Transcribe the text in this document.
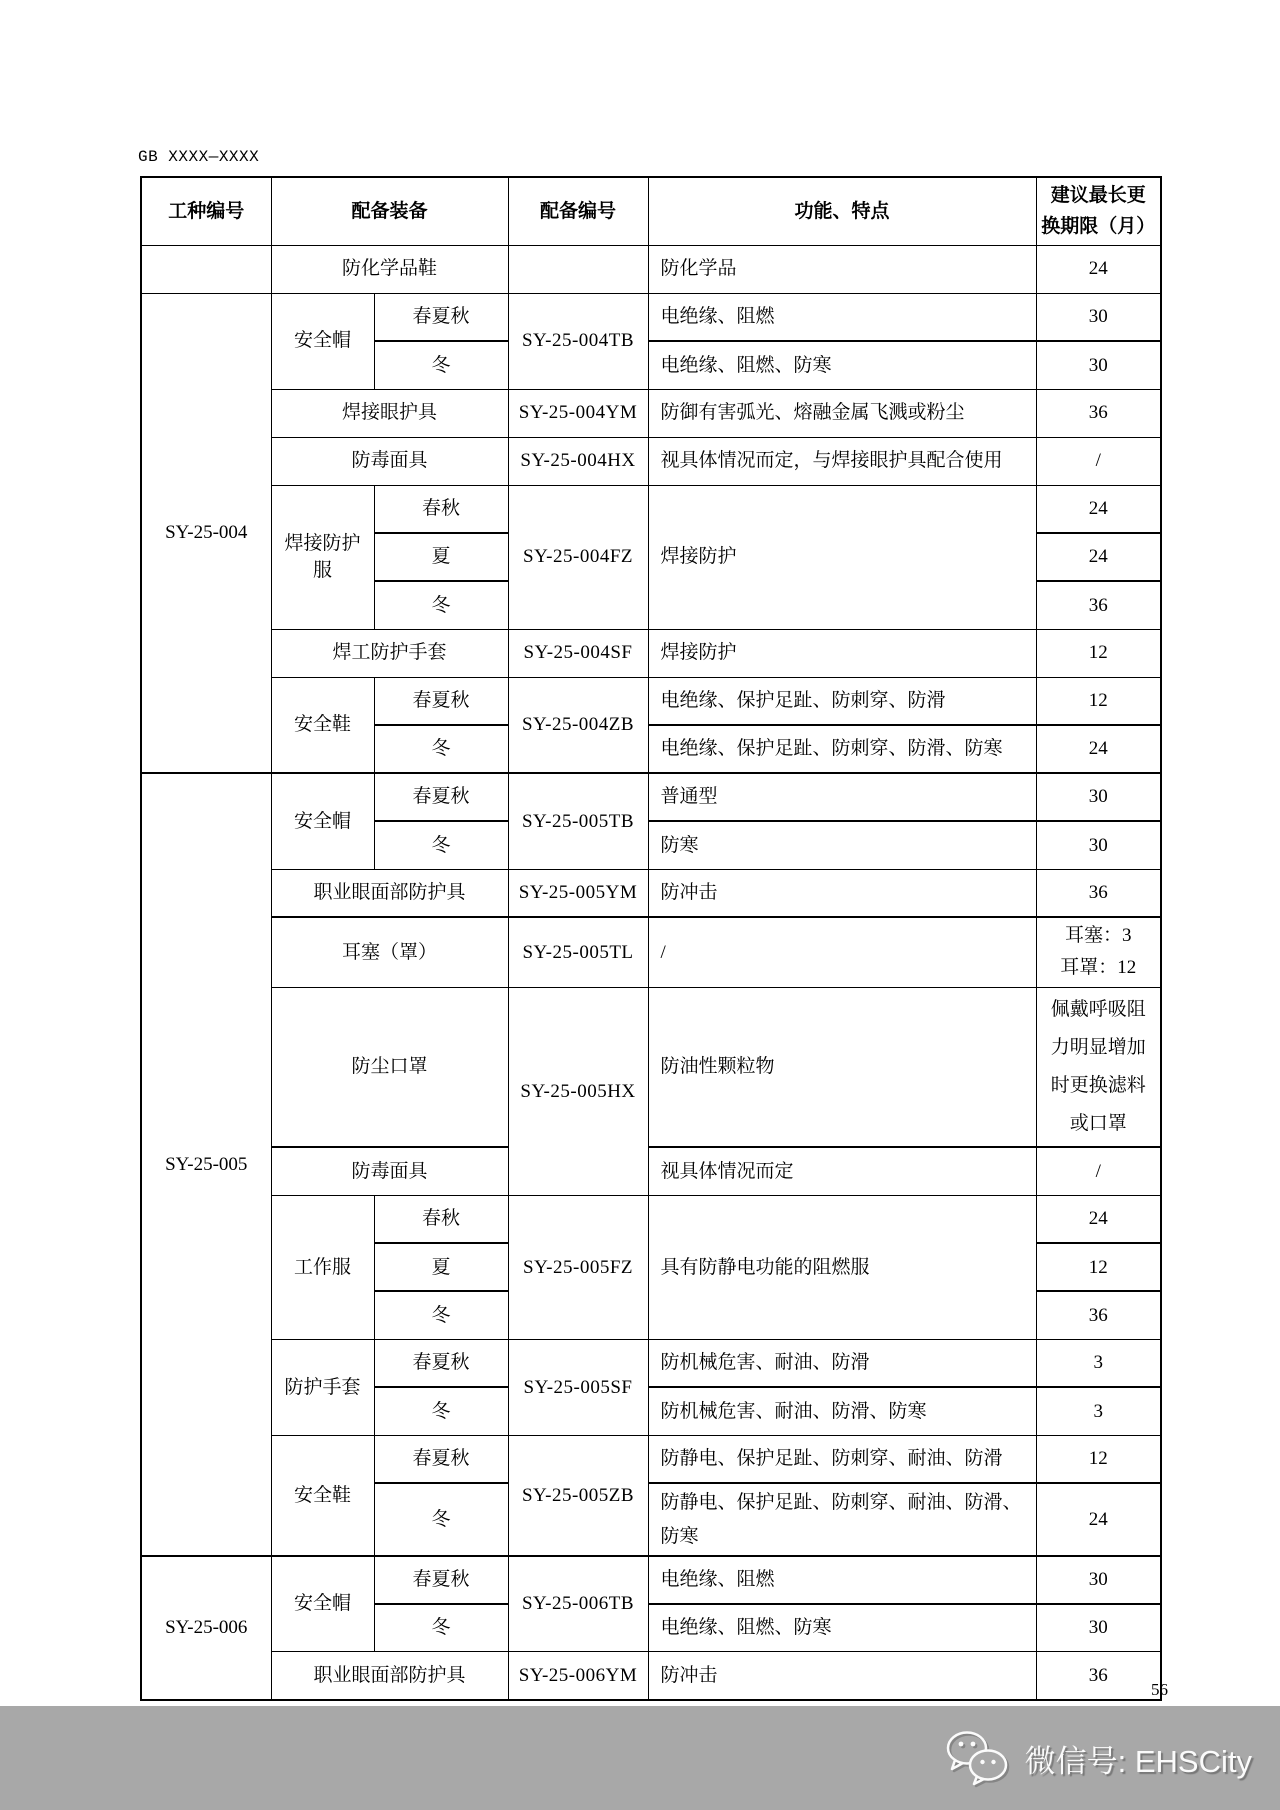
GB XXXX—XXXX
工种编号	配备装备		配备编号	功能、特点	建议最长更
换期限（月）

	防化学品鞋			防化学品	24
SY-25-004	安全帽	春夏秋	SY-25-004TB	电绝缘、阻燃	30
		冬		电绝缘、阻燃、防寒	30
	焊接眼护具		SY-25-004YM	防御有害弧光、熔融金属飞溅或粉尘	36
	防毒面具		SY-25-004HX	视具体情况而定，与焊接眼护具配合使用	/
	焊接防护服	春秋	SY-25-004FZ	焊接防护	24
		夏			24
		冬			36
	焊工防护手套		SY-25-004SF	焊接防护	12
	安全鞋	春夏秋	SY-25-004ZB	电绝缘、保护足趾、防刺穿、防滑	12
		冬		电绝缘、保护足趾、防刺穿、防滑、防寒	24
SY-25-005	安全帽	春夏秋	SY-25-005TB	普通型	30
		冬		防寒	30
	职业眼面部防护具		SY-25-005YM	防冲击	36
	耳塞（罩）		SY-25-005TL	/	耳塞：3
耳罩：12

	防尘口罩		SY-25-005HX	防油性颗粒物	佩戴呼吸阻力明显增加时更换滤料或口罩

	防毒面具			视具体情况而定	/
	工作服	春秋	SY-25-005FZ	具有防静电功能的阻燃服	24
		夏			12
		冬			36
	防护手套	春夏秋	SY-25-005SF	防机械危害、耐油、防滑	3
		冬		防机械危害、耐油、防滑、防寒	3
	安全鞋	春夏秋	SY-25-005ZB	防静电、保护足趾、防刺穿、耐油、防滑	12
		冬		防静电、保护足趾、防刺穿、耐油、防滑、防寒	24
SY-25-006	安全帽	春夏秋	SY-25-006TB	电绝缘、阻燃	30
		冬		电绝缘、阻燃、防寒	30
	职业眼面部防护具		SY-25-006YM	防冲击	36
56
微信号: EHSCity
